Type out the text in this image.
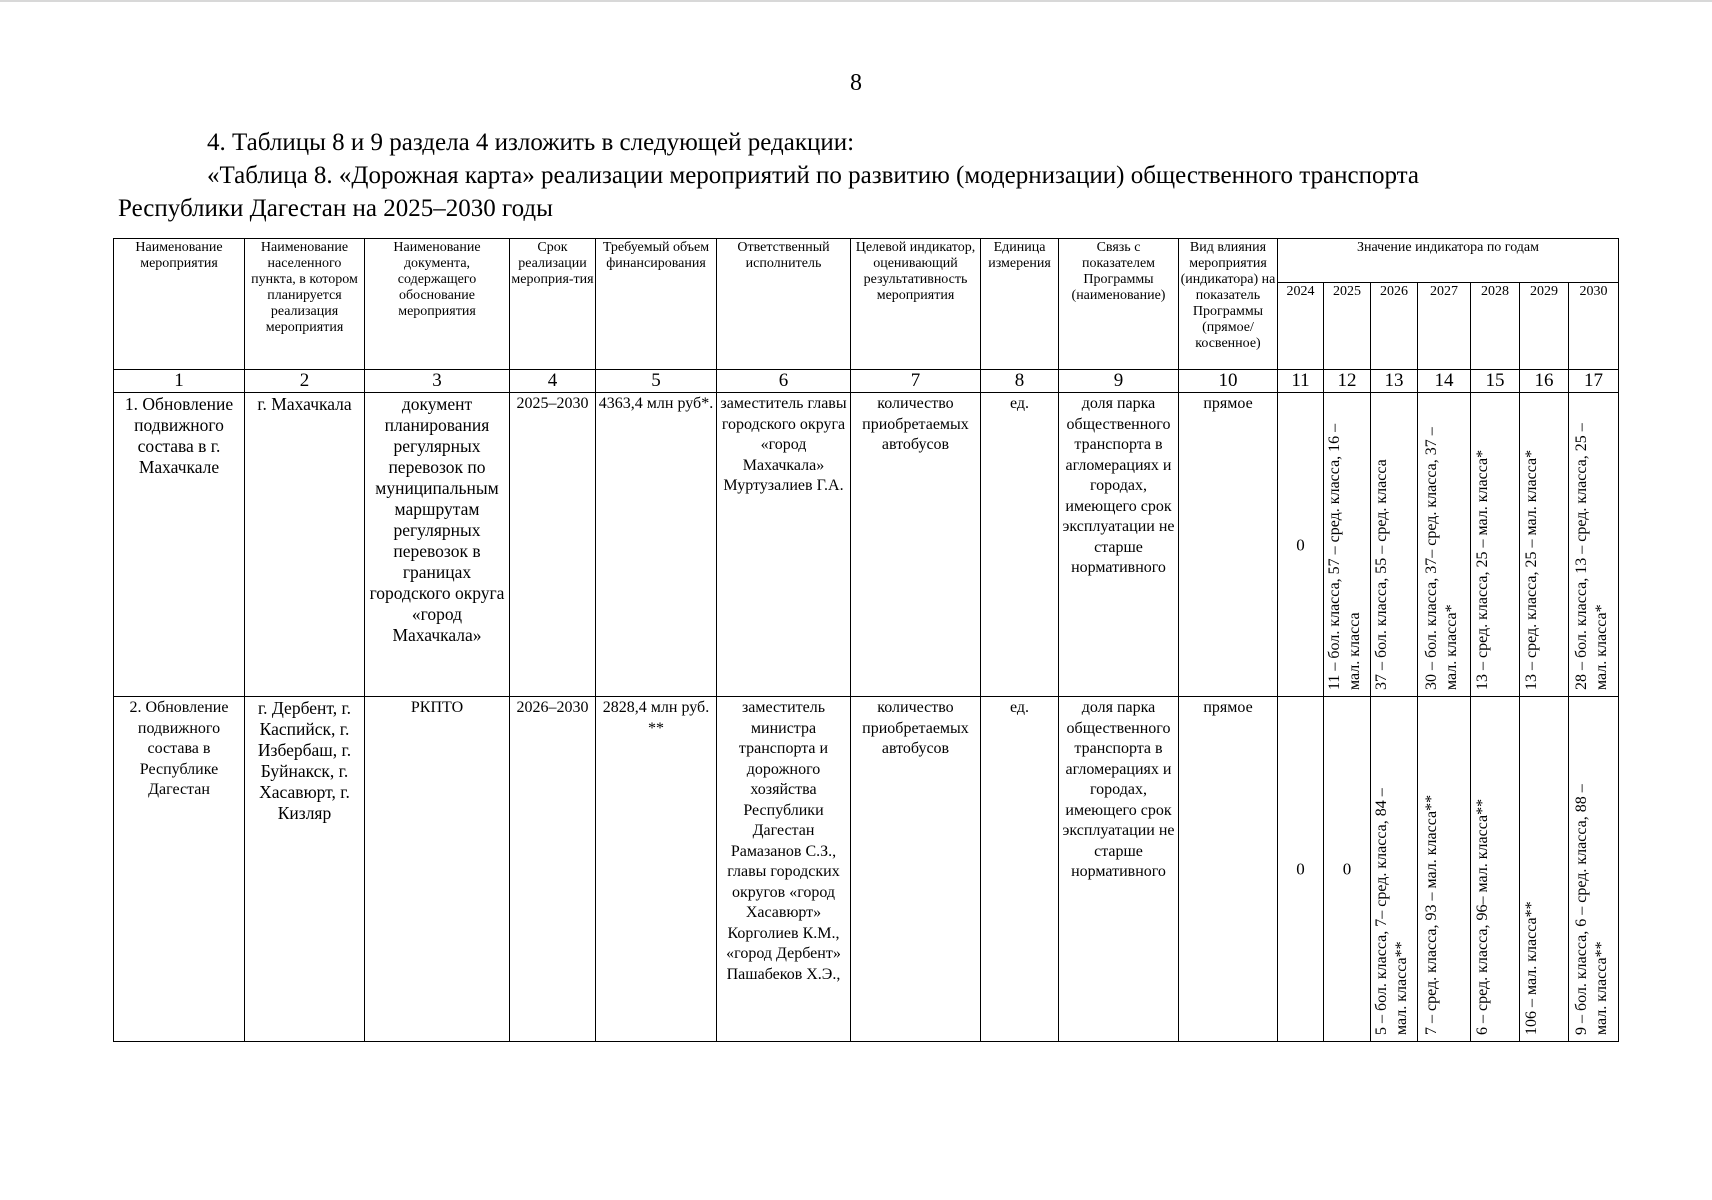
8
4. Таблицы 8 и 9 раздела 4 изложить в следующей редакции:
«Таблица 8. «Дорожная карта» реализации мероприятий по развитию (модернизации) общественного транспорта
Республики Дагестан на 2025–2030 годы
Наименование мероприятия	Наименование населенного пункта, в котором планируется реализация мероприятия	Наименование документа, содержащего обоснование мероприятия	Срок реализации мероприя-тия	Требуемый объем финансирования	Ответственный исполнитель	Целевой индикатор, оценивающий результативность мероприятия	Единица измерения	Связь с показателем Программы (наименование)	Вид влияния мероприятия (индикатора) на показатель Программы (прямое/ косвенное)	Значение индикатора по годам						
										2024	2025	2026	2027	2028	2029	2030
1	2	3	4	5	6	7	8	9	10	11	12	13	14	15	16	17
1. Обновление подвижного состава в г. Махачкале	г. Махачкала	документ планирования регулярных перевозок по муниципальным маршрутам регулярных перевозок в границах городского округа «город Махачкала»	2025–2030	4363,4 млн руб*.	заместитель главы городского округа «город Махачкала» Муртузалиев Г.А.	количество приобретаемых автобусов	ед.	доля парка общественного транспорта в агломерациях и городах, имеющего срок эксплуатации не старше нормативного	прямое	0	11 – бол. класса, 57 – сред. класса, 16 – мал. класса	37 – бол. класса, 55 – сред. класса	30 – бол. класса, 37– сред. класса, 37 – мал. класса*	13 – сред. класса, 25 – мал. класса*	13 – сред. класса, 25 – мал. класса*	28 – бол. класса, 13 – сред. класса, 25 – мал. класса*

2. Обновление подвижного состава в Республике Дагестан	г. Дербент, г. Каспийск, г. Избербаш, г. Буйнакск, г. Хасавюрт, г. Кизляр	РКПТО	2026–2030	2828,4 млн руб. **	заместитель министра транспорта и дорожного хозяйства Республики Дагестан Рамазанов С.З., главы городских округов «город Хасавюрт» Корголиев К.М., «город Дербент» Пашабеков Х.Э.,	количество приобретаемых автобусов	ед.	доля парка общественного транспорта в агломерациях и городах, имеющего срок эксплуатации не старше нормативного	прямое	0	0	5 – бол. класса, 7– сред. класса, 84 – мал. класса**	7 – сред. класса, 93 – мал. класса**	6 – сред. класса, 96– мал. класса**	106 – мал. класса**	9 – бол. класса, 6 – сред. класса, 88 – мал. класса**
